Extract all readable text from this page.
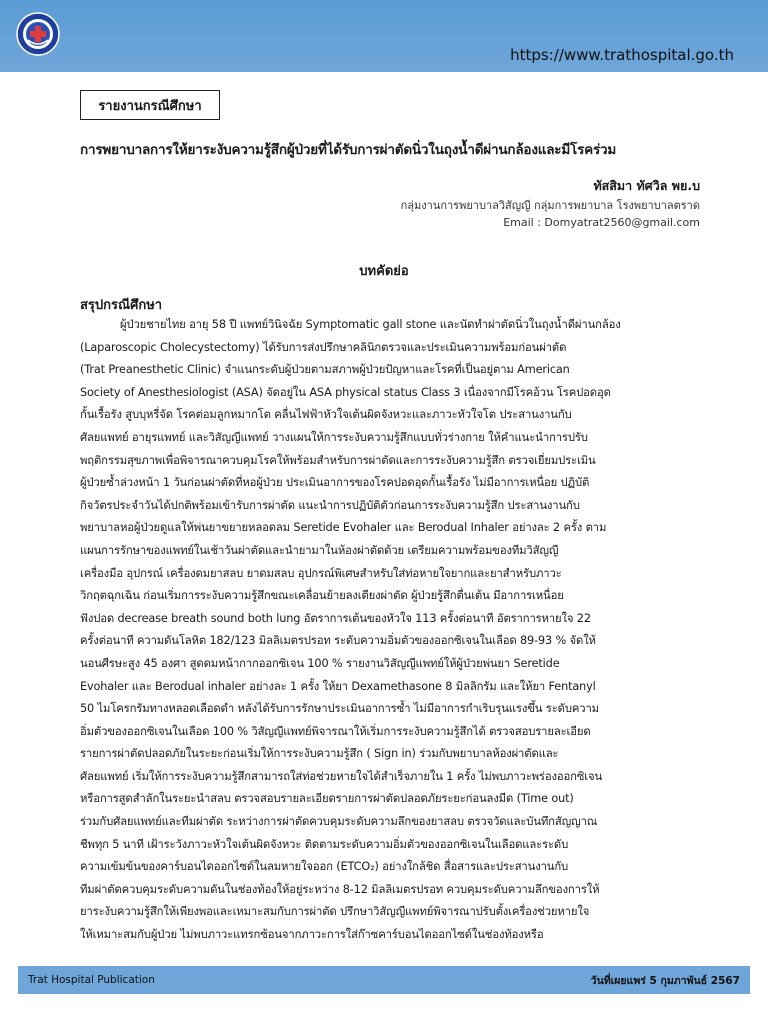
https://www.trathospital.go.th
รายงานกรณีศึกษา
การพยาบาลการให้ยาระงับความรู้สึกผู้ป่วยที่ได้รับการผ่าตัดนิ่วในถุงน้ำดีผ่านกล้องและมีโรคร่วม
ทัสสิมา ทัศวิล พย.บ
กลุ่มงานการพยาบาลวิสัญญี กลุ่มการพยาบาล โรงพยาบาลตราด
Email : Domyatrat2560@gmail.com
บทคัดย่อ
สรุปกรณีศึกษา
ผู้ป่วยชายไทย อายุ 58 ปี แพทย์วินิจฉัย Symptomatic gall stone และนัดทำผ่าตัดนิ่วในถุงน้ำดีผ่านกล้อง
(Laparoscopic Cholecystectomy) ได้รับการส่งปรึกษาคลินิกตรวจและประเมินความพร้อมก่อนผ่าตัด
(Trat Preanesthetic Clinic) จำแนกระดับผู้ป่วยตามสภาพผู้ป่วยปัญหาและโรคที่เป็นอยู่ตาม American
Society of Anesthesiologist (ASA) จัดอยู่ใน ASA physical status Class 3 เนื่องจากมีโรคอ้วน โรคปอดอุด
กั้นเรื้อรัง สูบบุหรี่จัด โรคต่อมลูกหมากโต คลื่นไฟฟ้าหัวใจเต้นผิดจังหวะและภาวะหัวใจโต ประสานงานกับ
ศัลยแพทย์ อายุรแพทย์ และวิสัญญีแพทย์ วางแผนให้การระงับความรู้สึกแบบทั่วร่างกาย ให้คำแนะนำการปรับ
พฤติกรรมสุขภาพเพื่อพิจารณาควบคุมโรคให้พร้อมสำหรับการผ่าตัดและการระงับความรู้สึก ตรวจเยี่ยมประเมิน
ผู้ป่วยซ้ำล่วงหน้า 1 วันก่อนผ่าตัดที่หอผู้ป่วย ประเมินอาการของโรคปอดอุดกั้นเรื้อรัง ไม่มีอาการเหนื่อย ปฏิบัติ
กิจวัตรประจำวันได้ปกติพร้อมเข้ารับการผ่าตัด แนะนำการปฏิบัติตัวก่อนการระงับความรู้สึก ประสานงานกับ
พยาบาลหอผู้ป่วยดูแลให้พ่นยาขยายหลอดลม Seretide Evohaler และ Berodual Inhaler อย่างละ 2 ครั้ง ตาม
แผนการรักษาของแพทย์ในเช้าวันผ่าตัดและนำยามาในห้องผ่าตัดด้วย เตรียมความพร้อมของทีมวิสัญญี
เครื่องมือ อุปกรณ์ เครื่องดมยาสลบ ยาดมสลบ อุปกรณ์พิเศษสำหรับใส่ท่อหายใจยากและยาสำหรับภาวะ
วิกฤตฉุกเฉิน ก่อนเริ่มการระงับความรู้สึกขณะเคลื่อนย้ายลงเตียงผ่าตัด ผู้ป่วยรู้สึกตื่นเต้น มีอาการเหนื่อย
ฟังปอด decrease breath sound both lung อัตราการเต้นของหัวใจ 113 ครั้งต่อนาที อัตราการหายใจ 22
ครั้งต่อนาที ความดันโลหิต 182/123 มิลลิเมตรปรอท ระดับความอิ่มตัวของออกซิเจนในเลือด 89-93 % จัดให้
นอนศีรษะสูง 45 องศา สูดดมหน้ากากออกซิเจน 100 % รายงานวิสัญญีแพทย์ให้ผู้ป่วยพ่นยา Seretide
Evohaler และ Berodual inhaler อย่างละ 1 ครั้ง ให้ยา Dexamethasone 8 มิลลิกรัม และให้ยา Fentanyl
50 ไมโครกรัมทางหลอดเลือดดำ หลังได้รับการรักษาประเมินอาการซ้ำ ไม่มีอาการกำเริบรุนแรงขึ้น ระดับความ
อิ่มตัวของออกซิเจนในเลือด 100 % วิสัญญีแพทย์พิจารณาให้เริ่มการระงับความรู้สึกได้ ตรวจสอบรายละเอียด
รายการผ่าตัดปลอดภัยในระยะก่อนเริ่มให้การระงับความรู้สึก ( Sign in) ร่วมกับพยาบาลห้องผ่าตัดและ
ศัลยแพทย์ เริ่มให้การระงับความรู้สึกสามารถใส่ท่อช่วยหายใจได้สำเร็จภายใน 1 ครั้ง ไม่พบภาวะพร่องออกซิเจน
หรือการสูดสำลักในระยะนำสลบ ตรวจสอบรายละเอียดรายการผ่าตัดปลอดภัยระยะก่อนลงมีด (Time out)
ร่วมกับศัลยแพทย์และทีมผ่าตัด ระหว่างการผ่าตัดควบคุมระดับความลึกของยาสลบ ตรวจวัดและบันทึกสัญญาณ
ชีพทุก 5 นาที เฝ้าระวังภาวะหัวใจเต้นผิดจังหวะ ติดตามระดับความอิ่มตัวของออกซิเจนในเลือดและระดับ
ความเข้มข้นของคาร์บอนไดออกไซด์ในลมหายใจออก (ETCO₂) อย่างใกล้ชิด สื่อสารและประสานงานกับ
ทีมผ่าตัดควบคุมระดับความดันในช่องท้องให้อยู่ระหว่าง 8-12 มิลลิเมตรปรอท ควบคุมระดับความลึกของการให้
ยาระงับความรู้สึกให้เพียงพอและเหมาะสมกับการผ่าตัด ปรึกษาวิสัญญีแพทย์พิจารณาปรับตั้งเครื่องช่วยหายใจ
ให้เหมาะสมกับผู้ป่วย ไม่พบภาวะแทรกซ้อนจากภาวะการใส่ก๊าซคาร์บอนไดออกไซด์ในช่องท้องหรือ
Trat Hospital Publication	วันที่เผยแพร่ 5 กุมภาพันธ์ 2567
